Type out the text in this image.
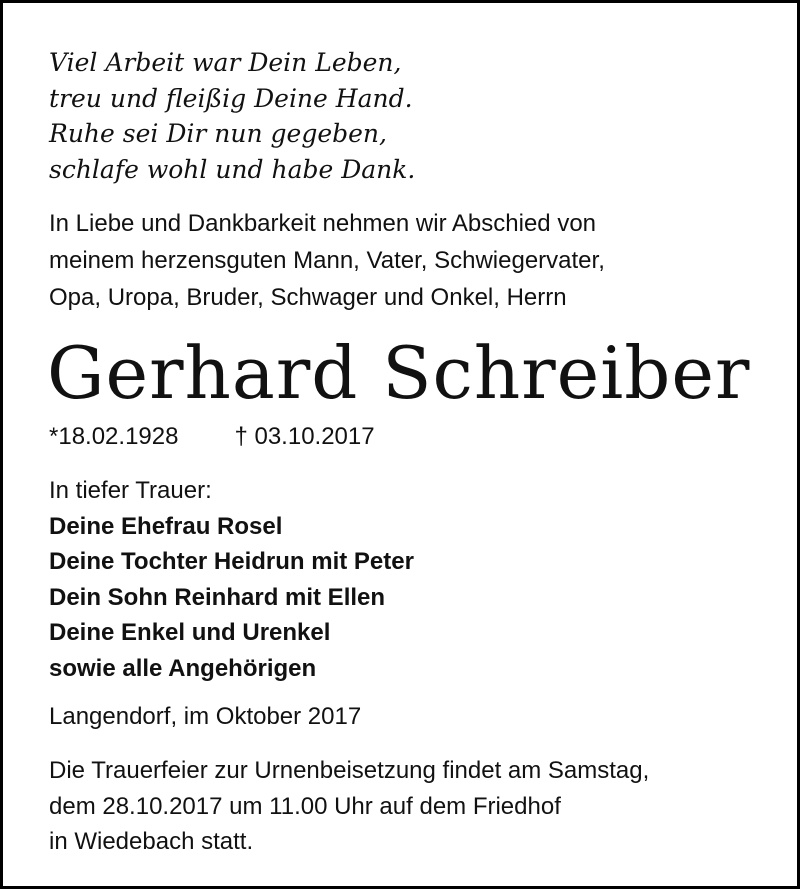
Viel Arbeit war Dein Leben,
treu und fleißig Deine Hand.
Ruhe sei Dir nun gegeben,
schlafe wohl und habe Dank.
In Liebe und Dankbarkeit nehmen wir Abschied von
meinem herzensguten Mann, Vater, Schwiegervater,
Opa, Uropa, Bruder, Schwager und Onkel, Herrn
Gerhard Schreiber
*18.02.1928 † 03.10.2017
In tiefer Trauer:
Deine Ehefrau Rosel
Deine Tochter Heidrun mit Peter
Dein Sohn Reinhard mit Ellen
Deine Enkel und Urenkel
sowie alle Angehörigen
Langendorf, im Oktober 2017
Die Trauerfeier zur Urnenbeisetzung findet am Samstag,
dem 28.10.2017 um 11.00 Uhr auf dem Friedhof
in Wiedebach statt.
